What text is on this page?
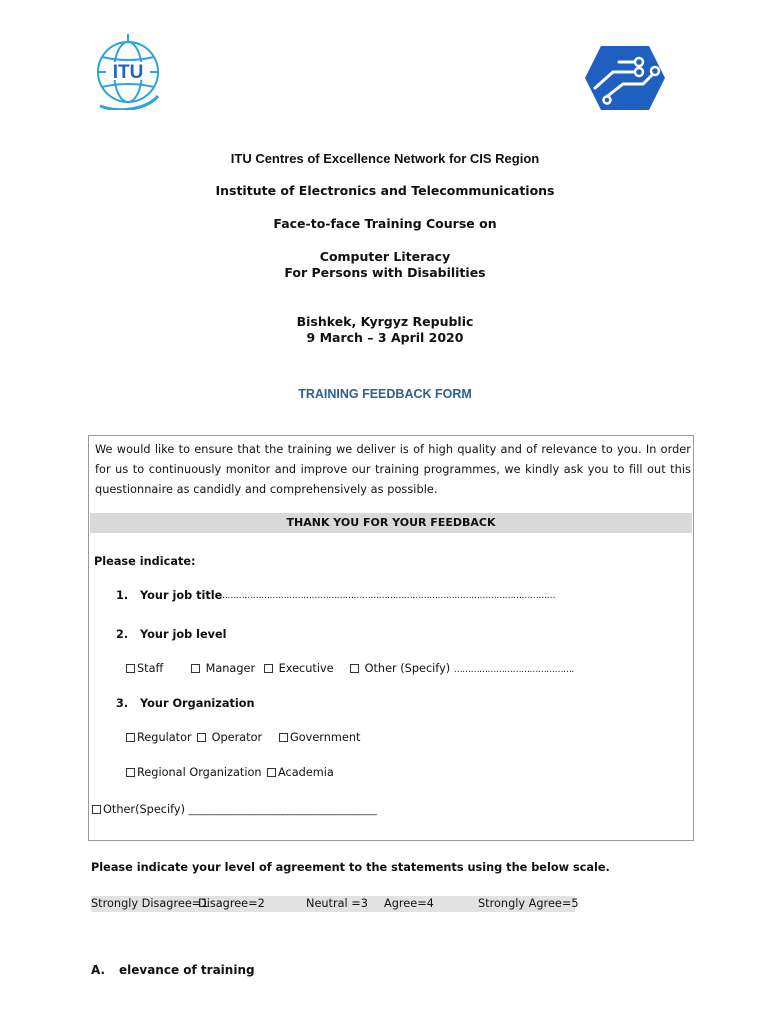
ITU
ITU Centres of Excellence Network for CIS Region
Institute of Electronics and Telecommunications
Face-to-face Training Course on
Computer Literacy
For Persons with Disabilities
Bishkek, Kyrgyz Republic
9 March – 3 April 2020
TRAINING FEEDBACK FORM
We would like to ensure that the training we deliver is of high quality and of relevance to you. In order for us to continuously monitor and improve our training programmes, we kindly ask you to fill out this questionnaire as candidly and comprehensively as possible.
THANK YOU FOR YOUR FEEDBACK
Please indicate:
1. Your job title
…………………………………………………………………………………………………………
2. Your job level
Staff	Manager	Executive	Other (Specify) …………………………………….
3. Your Organization
Regulator	Operator	Government
Regional Organization	Academia
Other(Specify) ________________________________________
Please indicate your level of agreement to the statements using the below scale.
Strongly Disagree=1
Disagree=2	Neutral =3 Agree=4	Strongly Agree=5
A. elevance of training
